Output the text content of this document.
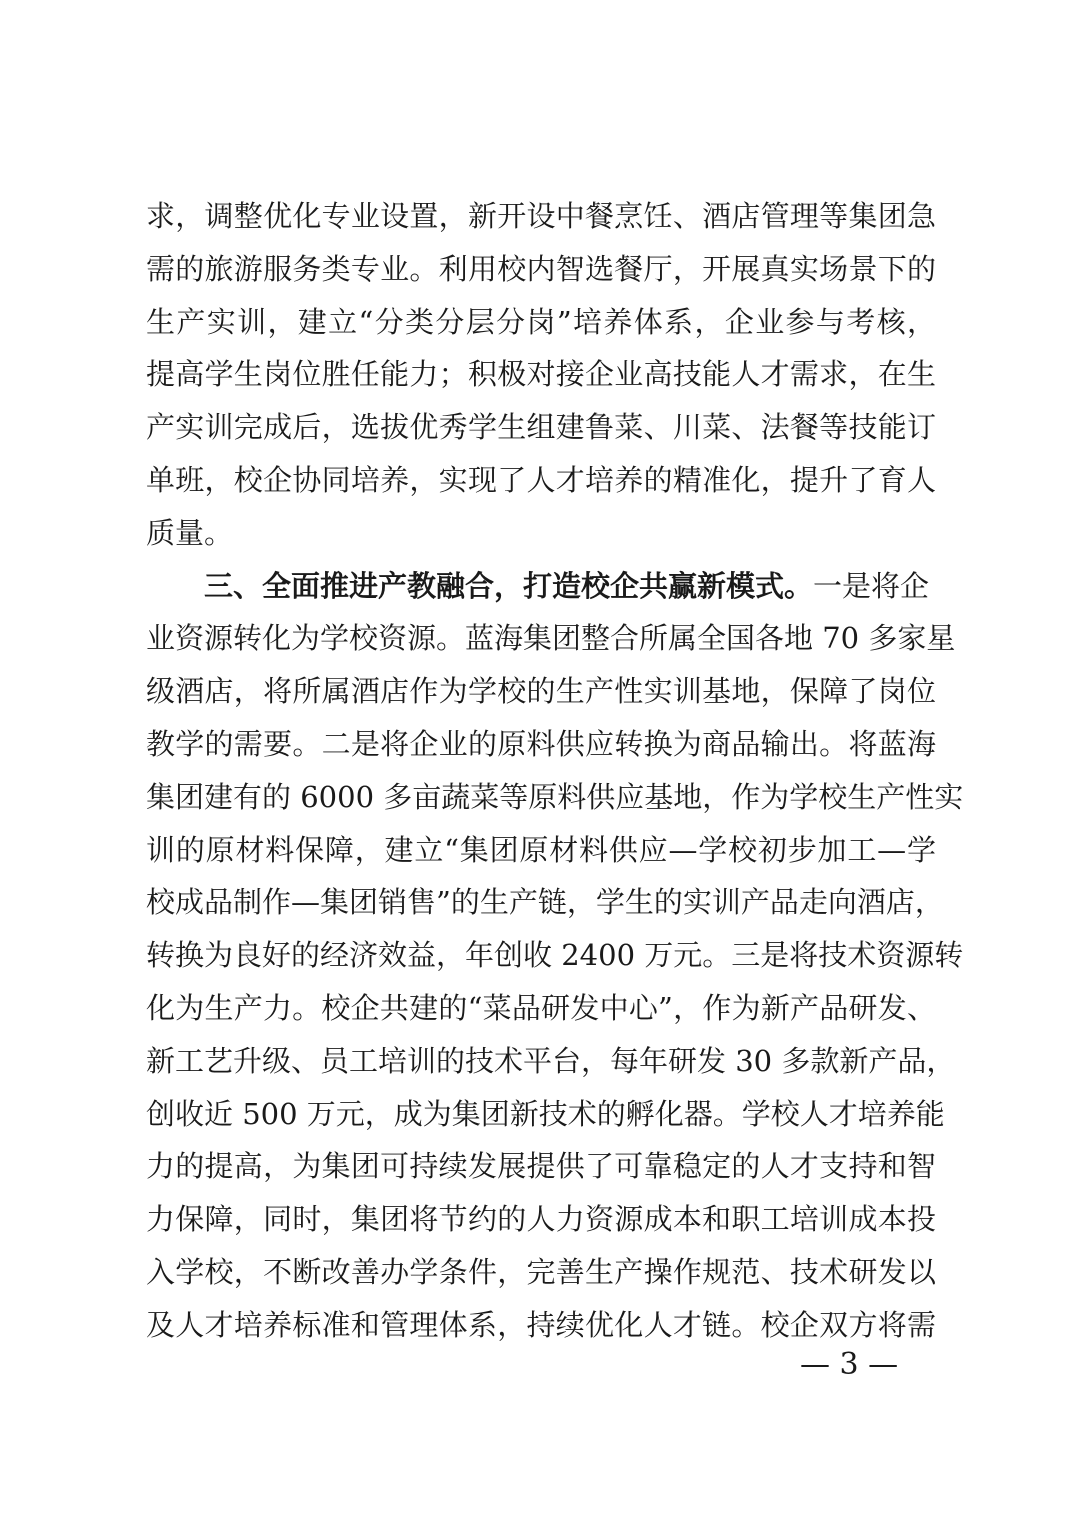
求，调整优化专业设置，新开设中餐烹饪、酒店管理等集团急
需的旅游服务类专业。利用校内智选餐厅，开展真实场景下的
生产实训，建立“分类分层分岗”培养体系，企业参与考核，
提高学生岗位胜任能力；积极对接企业高技能人才需求，在生
产实训完成后，选拔优秀学生组建鲁菜、川菜、法餐等技能订
单班，校企协同培养，实现了人才培养的精准化，提升了育人
质量。
三、全面推进产教融合，打造校企共赢新模式。一是将企
业资源转化为学校资源。蓝海集团整合所属全国各地 70 多家星
级酒店，将所属酒店作为学校的生产性实训基地，保障了岗位
教学的需要。二是将企业的原料供应转换为商品输出。将蓝海
集团建有的 6000 多亩蔬菜等原料供应基地，作为学校生产性实
训的原材料保障，建立“集团原材料供应—学校初步加工—学
校成品制作—集团销售”的生产链，学生的实训产品走向酒店，
转换为良好的经济效益，年创收 2400 万元。三是将技术资源转
化为生产力。校企共建的“菜品研发中心”，作为新产品研发、
新工艺升级、员工培训的技术平台，每年研发 30 多款新产品，
创收近 500 万元，成为集团新技术的孵化器。学校人才培养能
力的提高，为集团可持续发展提供了可靠稳定的人才支持和智
力保障，同时，集团将节约的人力资源成本和职工培训成本投
入学校，不断改善办学条件，完善生产操作规范、技术研发以
及人才培养标准和管理体系，持续优化人才链。校企双方将需
— 3 —
